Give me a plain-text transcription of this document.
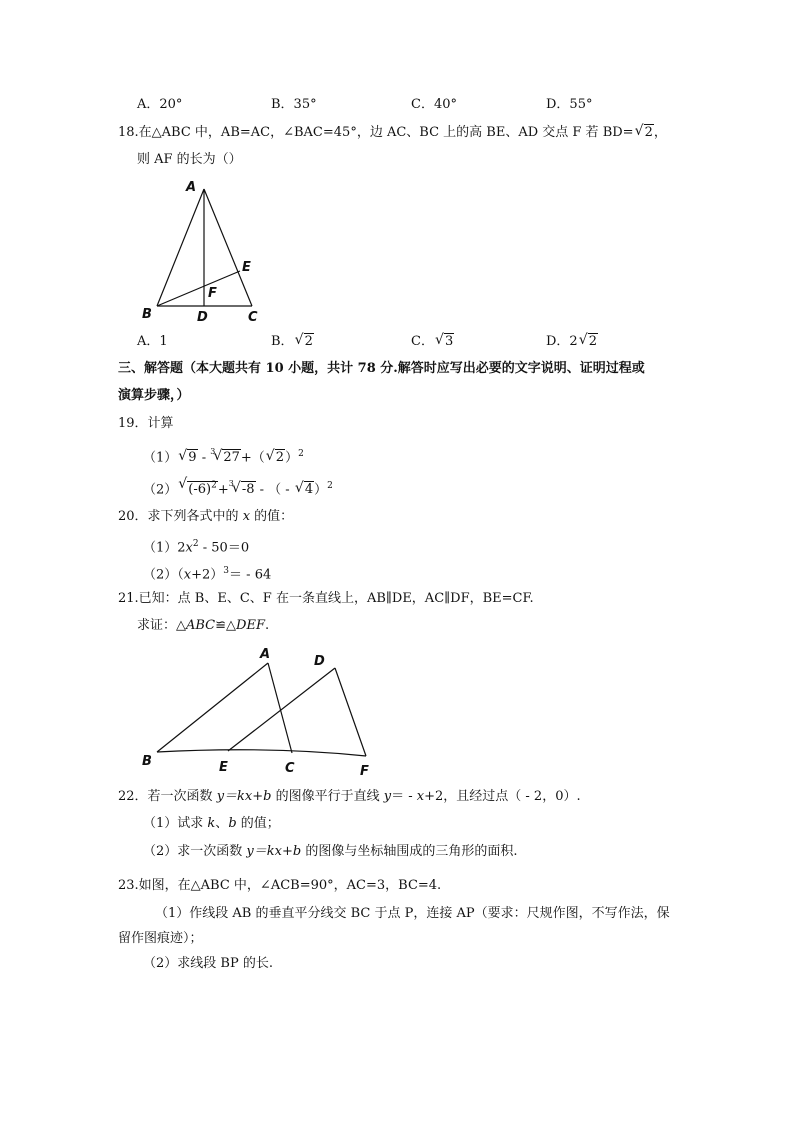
A．20°	B．35°	C．40°	D．55°
18.在△ABC 中，AB=AC，∠BAC=45°，边 AC、BC 上的高 BE、AD 交点 F 若 BD=√ 2，
则 AF 的长为（）
A
B	C
D
E
F
A．1	B．√ 2	C．√ 3	D．2√ 2
三、解答题（本大题共有 10 小题，共计 78 分.解答时应写出必要的文字说明、证明过程或
演算步骤，）
19．计算
（1）√ 9 - $^3$√ 27+（√ 2）$^2$
（2）√ $(-6)^2+^3√$ -8 - （ - √ 4）$^2$
20．求下列各式中的 x 的值：
$(1)2x^2 - 50=0$
$(2)(x+2)^3= - 64$
21.已知：点 B、E、C、F 在一条直线上，AB∥DE，AC∥DF，BE=CF.
求证：△ABC≌△DEF.
A
B	C
D
E	F
22．若一次函数 y＝kx+b 的图像平行于直线 y＝ - x+2，且经过点（ - 2，0）.
（1）试求 k、b 的值；
（2）求一次函数 y＝kx+b 的图像与坐标轴围成的三角形的面积.
23.如图，在△ABC 中，∠ACB=90°，AC=3，BC=4.
（1）作线段 AB 的垂直平分线交 BC 于点 P，连接 AP（要求：尺规作图，不写作法，保
留作图痕迹）；
（2）求线段 BP 的长.
